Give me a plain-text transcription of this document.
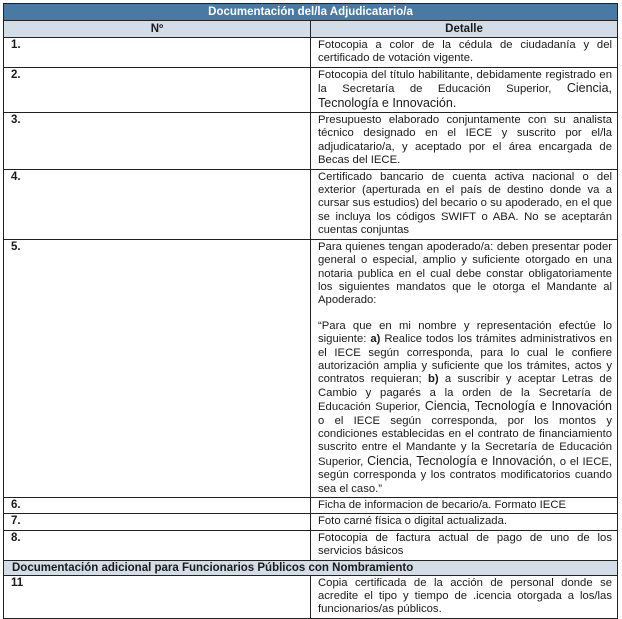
Documentación del/la Adjudicatario/a	
Nº	Detalle
1.	Fotocopia a color de la cédula de ciudadanía y del certificado de votación vigente.
2.	Fotocopia del título habilitante, debidamente registrado en la Secretaría de Educación Superior, Ciencia, Tecnología e Innovación.
3.	Presupuesto elaborado conjuntamente con su analista técnico designado en el IECE y suscrito por el/la adjudicatario/a, y aceptado por el área encargada de Becas del IECE.
4.	Certificado bancario de cuenta activa nacional o del exterior (aperturada en el país de destino donde va a cursar sus estudios) del becario o su apoderado, en el que se incluya los códigos SWIFT o ABA. No se aceptarán cuentas conjuntas
5.	Para quienes tengan apoderado/a: deben presentar poder general o especial, amplio y suficiente otorgado en una notaria publica en el cual debe constar obligatoriamente los siguientes mandatos que le otorga el Mandante al Apoderado:
“Para que en mi nombre y representación efectúe lo siguiente: a) Realice todos los trámites administrativos en el IECE según corresponda, para lo cual le confiere autorización amplia y suficiente que los trámites, actos y contratos requieran; b) a suscribir y aceptar Letras de Cambio y pagarés a la orden de la Secretaría de Educación Superior, Ciencia, Tecnología e Innovación o el IECE según corresponda, por los montos y condiciones establecidas en el contrato de financiamiento suscrito entre el Mandante y la Secretaría de Educación Superior, Ciencia, Tecnología e Innovación, o el IECE, según corresponda y los contratos modificatorios cuando sea el caso.”

6.	Ficha de informacion de becario/a. Formato IECE
7.	Foto carné física o digital actualizada.
8.	Fotocopia de factura actual de pago de uno de los servicios básicos
Documentación adicional para Funcionarios Públicos con Nombramiento	
11	Copia certificada de la acción de personal donde se acredite el tipo y tiempo de .icencia otorgada a los/las funcionarios/as públicos.
